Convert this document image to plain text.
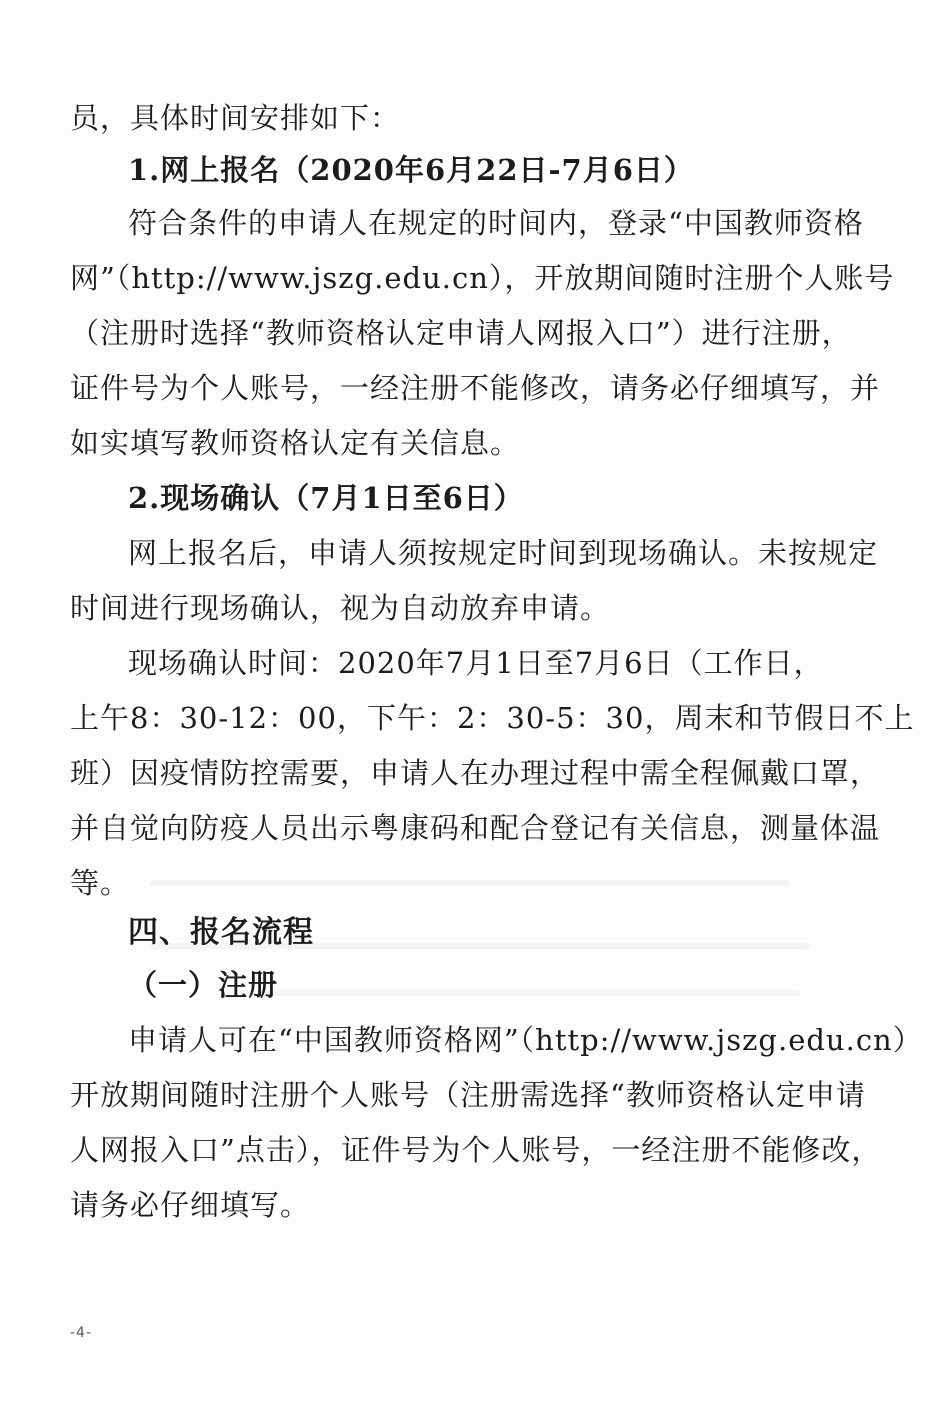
员，具体时间安排如下：
1.网上报名（2020年6月22日-7月6日）
符合条件的申请人在规定的时间内，登录“中国教师资格
网”（http://www.jszg.edu.cn），开放期间随时注册个人账号
（注册时选择“教师资格认定申请人网报入口”）进行注册，
证件号为个人账号，一经注册不能修改，请务必仔细填写，并
如实填写教师资格认定有关信息。
2.现场确认（7月1日至6日）
网上报名后，申请人须按规定时间到现场确认。未按规定
时间进行现场确认，视为自动放弃申请。
现场确认时间：2020年7月1日至7月6日（工作日，
上午8：30-12：00，下午：2：30-5：30，周末和节假日不上
班）因疫情防控需要，申请人在办理过程中需全程佩戴口罩，
并自觉向防疫人员出示粤康码和配合登记有关信息，测量体温
等。
四、报名流程
（一）注册
申请人可在“中国教师资格网”（http://www.jszg.edu.cn）
开放期间随时注册个人账号（注册需选择“教师资格认定申请
人网报入口”点击），证件号为个人账号，一经注册不能修改，
请务必仔细填写。
-4-
